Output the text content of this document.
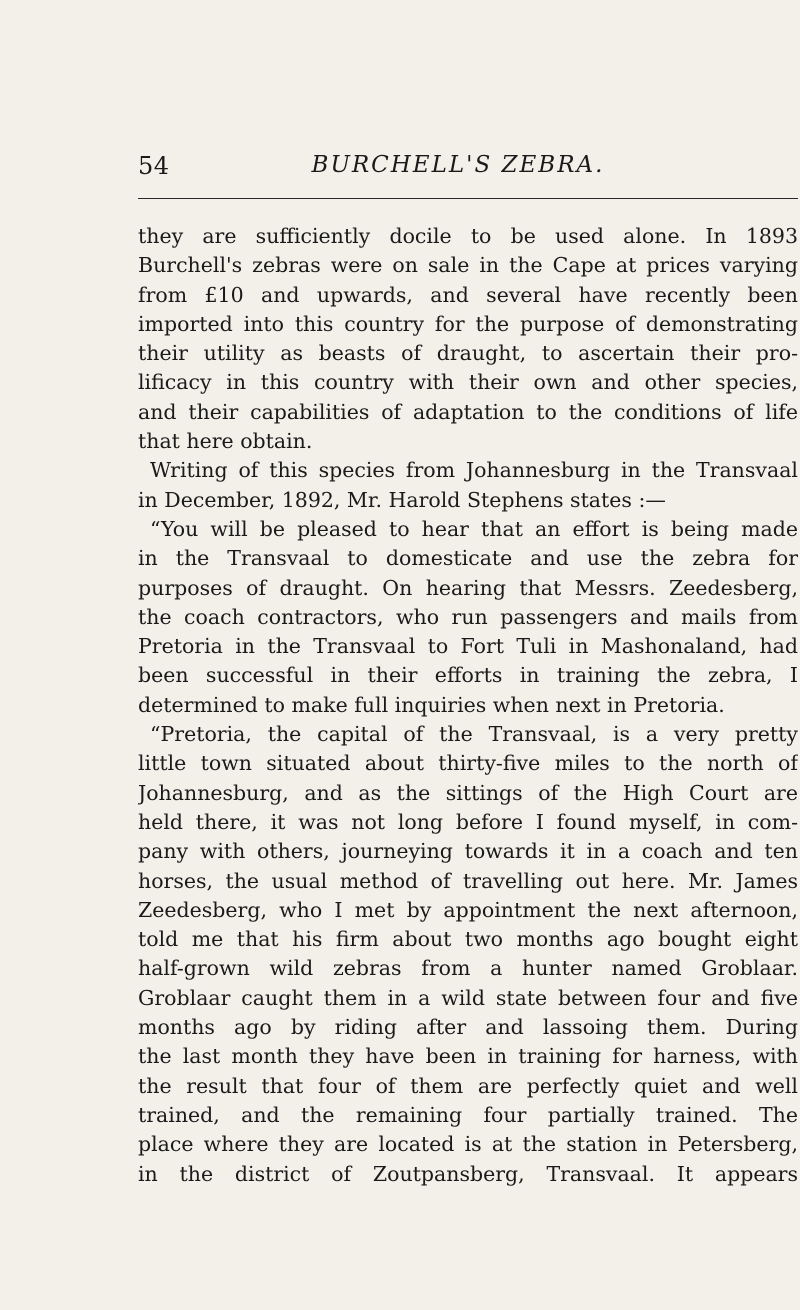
54	BURCHELL'S ZEBRA.
they are sufficiently docile to be used alone. In 1893
Burchell's zebras were on sale in the Cape at prices varying
from £10 and upwards, and several have recently been
imported into this country for the purpose of demonstrating
their utility as beasts of draught, to ascertain their pro-
lificacy in this country with their own and other species,
and their capabilities of adaptation to the conditions of life
that here obtain.
Writing of this species from Johannesburg in the Transvaal
in December, 1892, Mr. Harold Stephens states :—
“You will be pleased to hear that an effort is being made
in the Transvaal to domesticate and use the zebra for
purposes of draught. On hearing that Messrs. Zeedesberg,
the coach contractors, who run passengers and mails from
Pretoria in the Transvaal to Fort Tuli in Mashonaland, had
been successful in their efforts in training the zebra, I
determined to make full inquiries when next in Pretoria.
“Pretoria, the capital of the Transvaal, is a very pretty
little town situated about thirty-five miles to the north of
Johannesburg, and as the sittings of the High Court are
held there, it was not long before I found myself, in com-
pany with others, journeying towards it in a coach and ten
horses, the usual method of travelling out here. Mr. James
Zeedesberg, who I met by appointment the next afternoon,
told me that his firm about two months ago bought eight
half-grown wild zebras from a hunter named Groblaar.
Groblaar caught them in a wild state between four and five
months ago by riding after and lassoing them. During
the last month they have been in training for harness, with
the result that four of them are perfectly quiet and well
trained, and the remaining four partially trained. The
place where they are located is at the station in Petersberg,
in the district of Zoutpansberg, Transvaal. It appears
